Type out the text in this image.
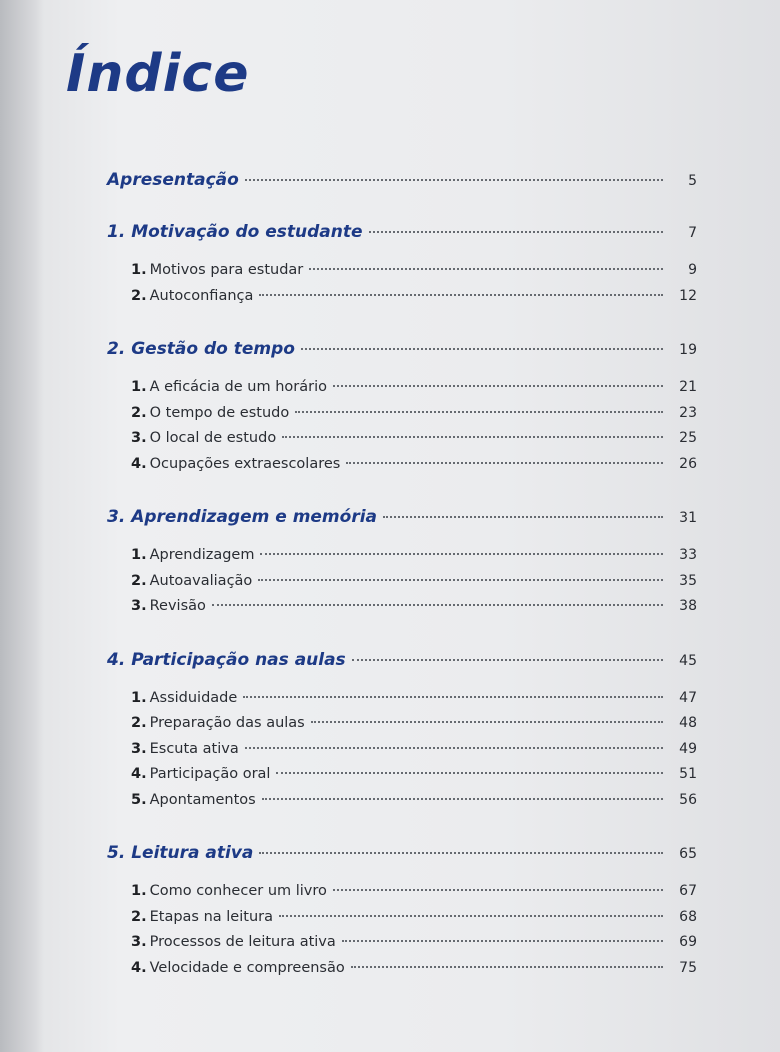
Índice
Apresentação	5
1. Motivação do estudante	7
1. Motivos para estudar	9
2. Autoconfiança	12
2. Gestão do tempo	19
1. A eficácia de um horário	21
2. O tempo de estudo	23
3. O local de estudo	25
4. Ocupações extraescolares	26
3. Aprendizagem e memória	31
1. Aprendizagem	33
2. Autoavaliação	35
3. Revisão	38
4. Participação nas aulas	45
1. Assiduidade	47
2. Preparação das aulas	48
3. Escuta ativa	49
4. Participação oral	51
5. Apontamentos	56
5. Leitura ativa	65
1. Como conhecer um livro	67
2. Etapas na leitura	68
3. Processos de leitura ativa	69
4. Velocidade e compreensão	75
